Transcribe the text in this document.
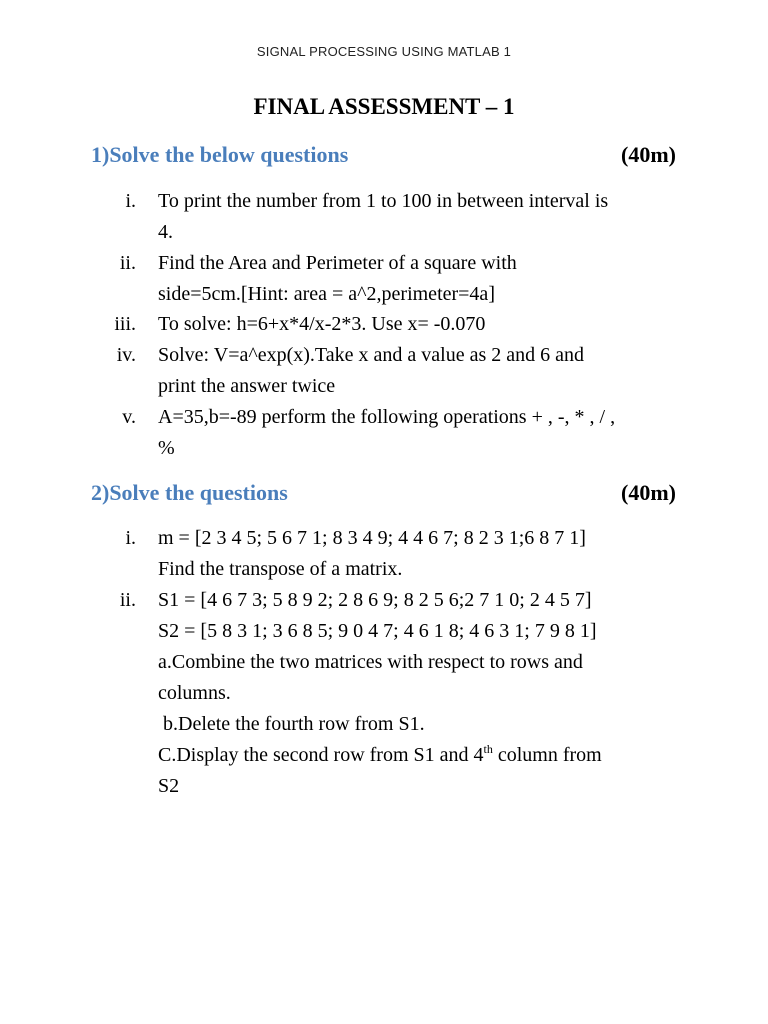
SIGNAL PROCESSING USING MATLAB 1
FINAL ASSESSMENT – 1
1)Solve the below questions	(40m)
i. To print the number from 1 to 100 in between interval is
4.
ii. Find the Area and Perimeter of a square with
side=5cm.[Hint: area = a^2,perimeter=4a]
iii. To solve: h=6+x*4/x-2*3. Use x= -0.070
iv. Solve: V=a^exp(x).Take x and a value as 2 and 6 and
print the answer twice
v. A=35,b=-89 perform the following operations + , -, * , / ,
%
2)Solve the questions	(40m)
i. m = [2 3 4 5; 5 6 7 1; 8 3 4 9; 4 4 6 7; 8 2 3 1;6 8 7 1]
Find the transpose of a matrix.
ii. S1 = [4 6 7 3; 5 8 9 2; 2 8 6 9; 8 2 5 6;2 7 1 0; 2 4 5 7]
S2 = [5 8 3 1; 3 6 8 5; 9 0 4 7; 4 6 1 8; 4 6 3 1; 7 9 8 1]
a.Combine the two matrices with respect to rows and
columns.
b.Delete the fourth row from S1.
C.Display the second row from S1 and 4th column from
S2
